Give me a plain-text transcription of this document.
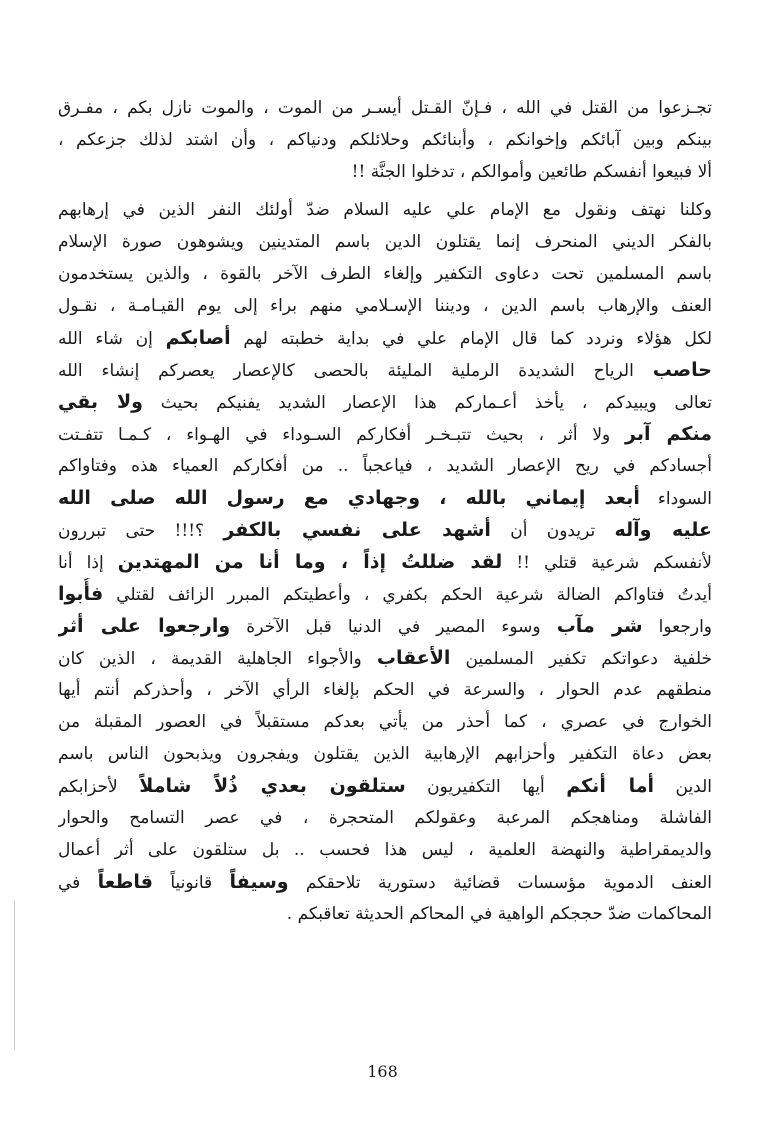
تجـزعوا من القتل في الله ، فـإنّ القـتل أيسـر من الموت ، والموت نازل بكم ، مفـرق
بينكم وبين آبائكم وإخوانكم ، وأبنائكم وحلائلكم ودنياكم ، وأن اشتد لذلك جزعكم ،
ألا فبيعوا أنفسكم طائعين وأموالكم ، تدخلوا الجنَّة !!
وكلنا نهتف ونقول مع الإمام علي عليه السلام ضدّ أولئك النفر الذين في إرهابهم
بالفكر الديني المنحرف إنما يقتلون الدين باسم المتدينين ويشوهون صورة الإسلام
باسم المسلمين تحت دعاوى التكفير وإلغاء الطرف الآخر بالقوة ، والذين يستخدمون
العنف والإرهاب باسم الدين ، وديننا الإسـلامي منهم براء إلى يوم القيـامـة ، نقـول
لكل هؤلاء ونردد كما قال الإمام علي في بداية خطبته لهم أصابكم إن شاء الله
حاصب الرياح الشديدة الرملية المليئة بالحصى كالإعصار يعصركم إنشاء الله
تعالى ويبيدكم ، يأخذ أعـماركم هذا الإعصار الشديد يفنيكم بحيث ولا بقي
منكم آبر ولا أثر ، بحيث تتبـخـر أفكاركم السـوداء في الهـواء ، كـمـا تتفـتت
أجسادكم في ريح الإعصار الشديد ، فياعجباً .. من أفكاركم العمياء هذه وفتاواكم
السوداء أبعد إيماني بالله ، وجهادي مع رسول الله صلى الله
عليه وآله تريدون أن أشهد على نفسي بالكفر ؟!!! حتى تبررون
لأنفسكم شرعية قتلي !! لقد ضللتُ إذاً ، وما أنا من المهتدين إذا أنا
أيدتُ فتاواكم الضالة شرعية الحكم بكفري ، وأعطيتكم المبرر الزائف لقتلي فأُبوا
وارجعوا شر مآب وسوء المصير في الدنيا قبل الآخرة وارجعوا على أثر
خلفية دعواتكم تكفير المسلمين الأعقاب والأجواء الجاهلية القديمة ، الذين كان
منطقهم عدم الحوار ، والسرعة في الحكم بإلغاء الرأي الآخر ، وأحذركم أنتم أيها
الخوارج في عصري ، كما أحذر من يأتي بعدكم مستقبلاً في العصور المقبلة من
بعض دعاة التكفير وأحزابهم الإرهابية الذين يقتلون ويفجرون ويذبحون الناس باسم
الدين أما أنكم أيها التكفيريون ستلقون بعدي ذُلاً شاملاً لأحزابكم
الفاشلة ومناهجكم المرعبة وعقولكم المتحجرة ، في عصر التسامح والحوار
والديمقراطية والنهضة العلمية ، ليس هذا فحسب .. بل ستلقون على أثر أعمال
العنف الدموية مؤسسات قضائية دستورية تلاحقكم وسيفاً قانونياً قاطعاً في
المحاكمات ضدّ حججكم الواهية في المحاكم الحديثة تعاقبكم .
168
